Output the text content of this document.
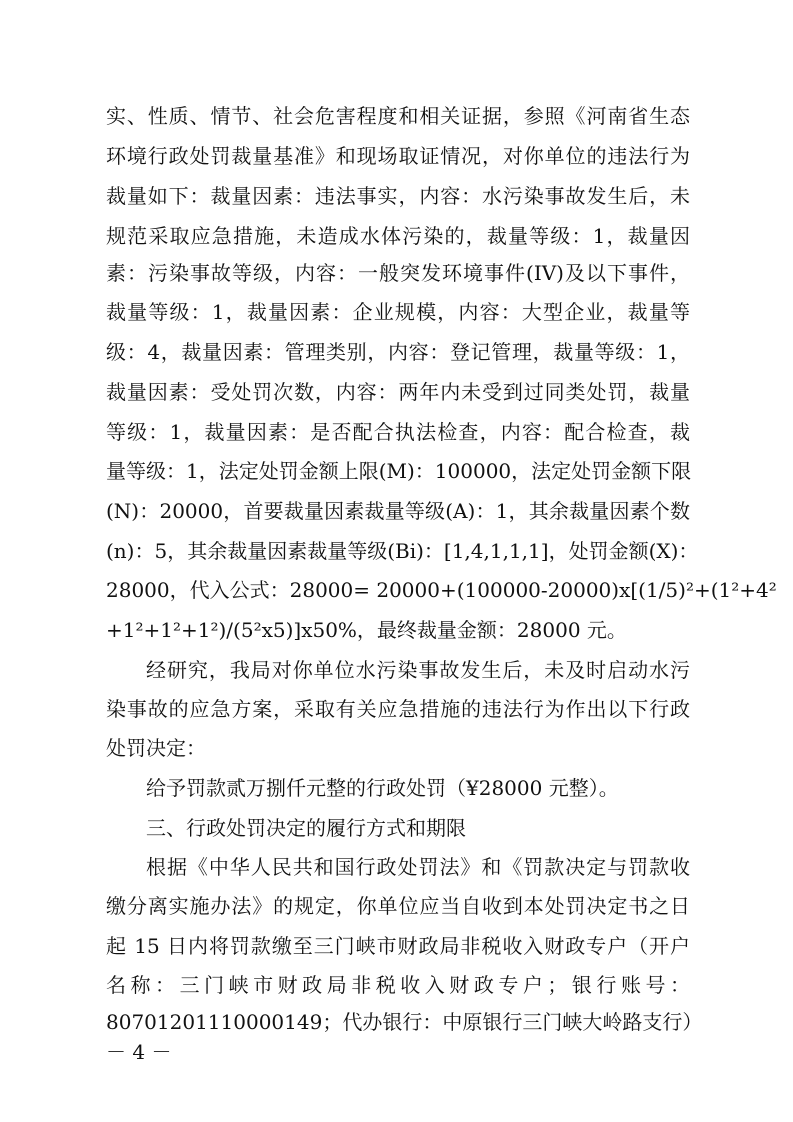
实、性质、情节、社会危害程度和相关证据，参照《河南省生态
环境行政处罚裁量基准》和现场取证情况，对你单位的违法行为
裁量如下：裁量因素：违法事实，内容：水污染事故发生后，未
规范采取应急措施，未造成水体污染的，裁量等级：1，裁量因
素：污染事故等级，内容：一般突发环境事件(IV)及以下事件，
裁量等级：1，裁量因素：企业规模，内容：大型企业，裁量等
级：4，裁量因素：管理类别，内容：登记管理，裁量等级：1，
裁量因素：受处罚次数，内容：两年内未受到过同类处罚，裁量
等级：1，裁量因素：是否配合执法检查，内容：配合检查，裁
量等级：1，法定处罚金额上限(M)：100000，法定处罚金额下限
(N)：20000，首要裁量因素裁量等级(A)：1，其余裁量因素个数
(n)：5，其余裁量因素裁量等级(Bi)：[1,4,1,1,1]，处罚金额(X)：
28000，代入公式：28000= 20000+(100000-20000)x[(1/5)²+(1²+4²
+1²+1²+1²)/(5²x5)]x50%，最终裁量金额：28000 元。
经研究，我局对你单位水污染事故发生后，未及时启动水污
染事故的应急方案，采取有关应急措施的违法行为作出以下行政
处罚决定：
给予罚款贰万捌仟元整的行政处罚（¥28000 元整）。
三、行政处罚决定的履行方式和期限
根据《中华人民共和国行政处罚法》和《罚款决定与罚款收
缴分离实施办法》的规定，你单位应当自收到本处罚决定书之日
起 15 日内将罚款缴至三门峡市财政局非税收入财政专户（开户
名称：三门峡市财政局非税收入财政专户；银行账号：
80701201110000149；代办银行：中原银行三门峡大岭路支行）
－ 4 －
